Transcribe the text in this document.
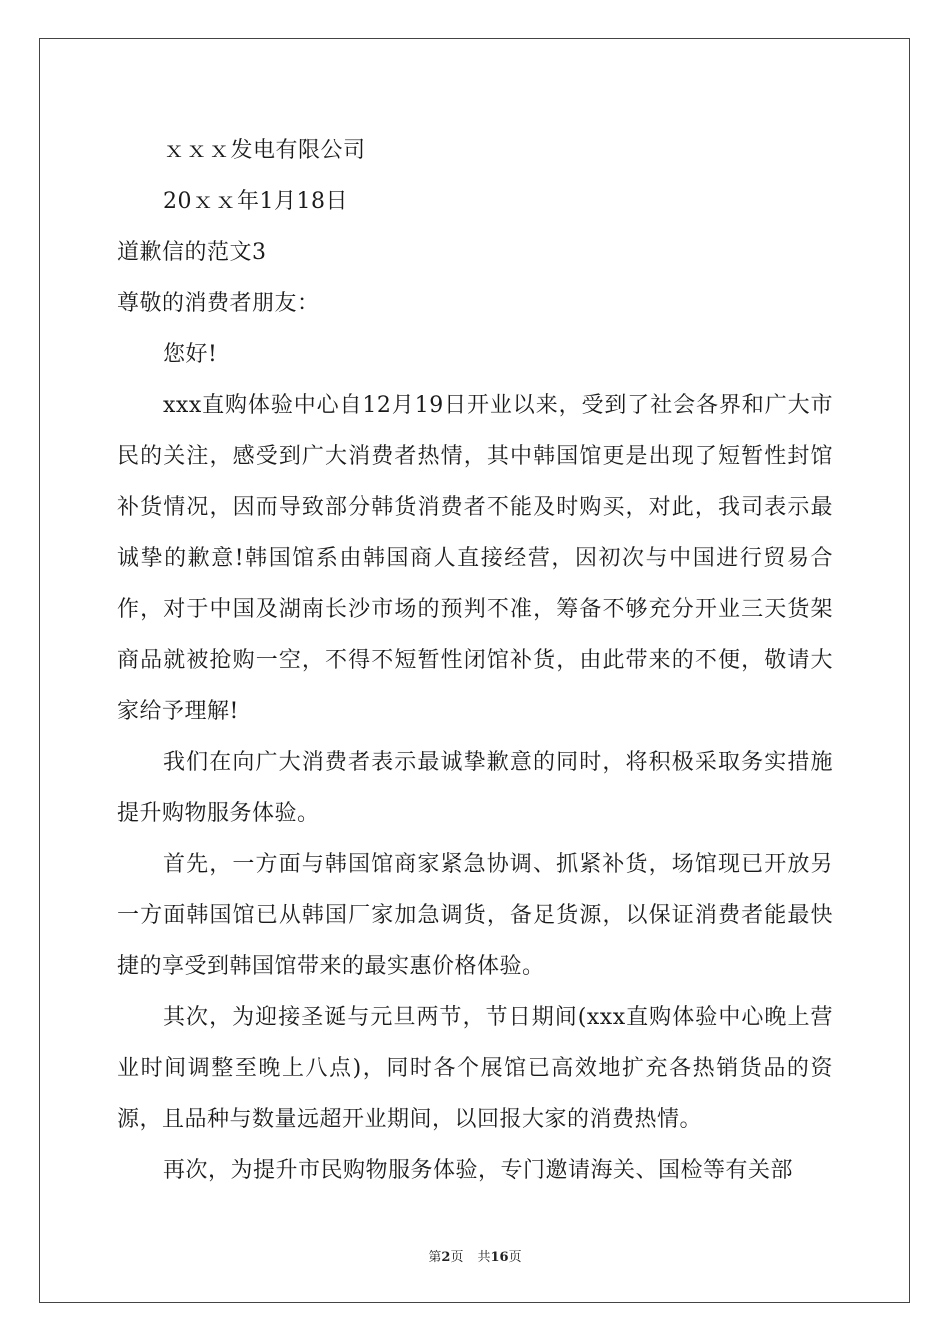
ｘｘｘ发电有限公司
20ｘｘ年1月18日
道歉信的范文3
尊敬的消费者朋友：
您好!

xxx直购体验中心自12月19日开业以来，受到了社会各界和广大市民的关注，感受到广大消费者热情，其中韩国馆更是出现了短暂性封馆补货情况，因而导致部分韩货消费者不能及时购买，对此，我司表示最诚挚的歉意!韩国馆系由韩国商人直接经营，因初次与中国进行贸易合作，对于中国及湖南长沙市场的预判不准，筹备不够充分开业三天货架商品就被抢购一空，不得不短暂性闭馆补货，由此带来的不便，敬请大家给予理解!

我们在向广大消费者表示最诚挚歉意的同时，将积极采取务实措施提升购物服务体验。

首先，一方面与韩国馆商家紧急协调、抓紧补货，场馆现已开放另一方面韩国馆已从韩国厂家加急调货，备足货源，以保证消费者能最快捷的享受到韩国馆带来的最实惠价格体验。

其次，为迎接圣诞与元旦两节，节日期间(xxx直购体验中心晚上营业时间调整至晚上八点)，同时各个展馆已高效地扩充各热销货品的资源，且品种与数量远超开业期间，以回报大家的消费热情。

再次，为提升市民购物服务体验，专门邀请海关、国检等有关部

第2页 共16页
